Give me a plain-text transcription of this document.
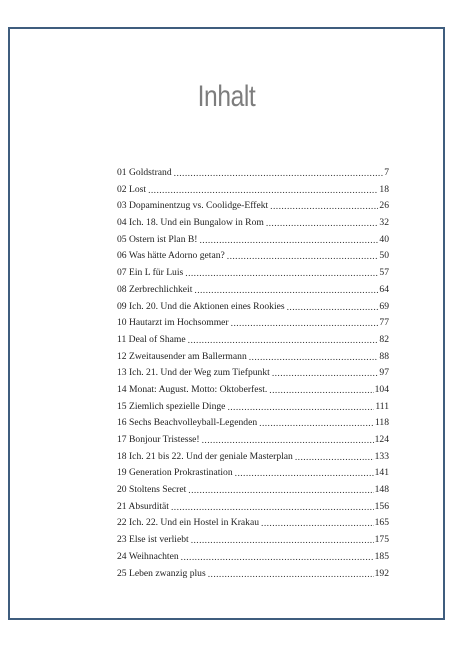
Inhalt
01 Goldstrand .....	7
02 Lost .....	18
03 Dopaminentzug vs. Coolidge-Effekt .....	26
04 Ich. 18. Und ein Bungalow in Rom .....	32
05 Ostern ist Plan B! .....	40
06 Was hätte Adorno getan? .....	50
07 Ein L für Luis .....	57
08 Zerbrechlichkeit .....	64
09 Ich. 20. Und die Aktionen eines Rookies .....	69
10 Hautarzt im Hochsommer .....	77
11 Deal of Shame .....	82
12 Zweitausender am Ballermann .....	88
13 Ich. 21. Und der Weg zum Tiefpunkt .....	97
14 Monat: August. Motto: Oktoberfest. .....	104
15 Ziemlich spezielle Dinge .....	111
16 Sechs Beachvolleyball-Legenden .....	118
17 Bonjour Tristesse! .....	124
18 Ich. 21 bis 22. Und der geniale Masterplan .....	133
19 Generation Prokrastination .....	141
20 Stoltens Secret .....	148
21 Absurdität .....	156
22 Ich. 22. Und ein Hostel in Krakau .....	165
23 Else ist verliebt .....	175
24 Weihnachten .....	185
25 Leben zwanzig plus .....	192
